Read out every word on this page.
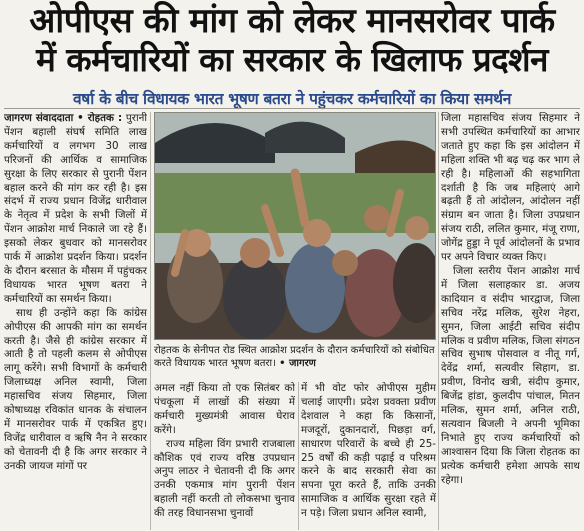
ओपीएस की मांग को लेकर मानसरोवर पार्क
में कर्मचारियों का सरकार के खिलाफ प्रदर्शन
वर्षा के बीच विधायक भारत भूषण बतरा ने पहुंचकर कर्मचारियों का किया समर्थन

जागरण संवाददाता • रोहतक : पुरानी पेंशन बहाली संघर्ष समिति लाख कर्मचारियों व लगभग 30 लाख परिजनों की आर्थिक व सामाजिक सुरक्षा के लिए सरकार से पुरानी पेंशन बहाल करने की मांग कर रही है। इस संदर्भ में राज्य प्रधान विजेंद्र धारीवाल के नेतृत्व में प्रदेश के सभी जिलों में पेंशन आक्रोश मार्च निकाले जा रहे हैं। इसको लेकर बुधवार को मानसरोवर पार्क में आक्रोश प्रदर्शन किया। प्रदर्शन के दौरान बरसात के मौसम में पहुंचकर विधायक भारत भूषण बतरा ने कर्मचारियों का समर्थन किया।

साथ ही उन्होंने कहा कि कांग्रेस ओपीएस की आपकी मांग का समर्थन करती है। जैसे ही कांग्रेस सरकार में आती है तो पहली कलम से ओपीएस लागू करेंगे। सभी विभागों के कर्मचारी जिलाध्यक्ष अनिल स्वामी, जिला महासचिव संजय सिहमार, जिला कोषाध्यक्ष रविकांत धानक के संचालन में मानसरोवर पार्क में एकत्रित हुए। विजेंद्र धारीवाल व ऋषि नैन ने सरकार को चेतावनी दी है कि अगर सरकार ने उनकी जायज मांगों पर

रोहतक के सेनीपत रोड स्थित आक्रोश प्रदर्शन के दौरान कर्मचारियों को संबोधित करते विधायक भारत भूषण बतरा। • जागरण

अमल नहीं किया तो एक सितंबर को पंचकूला में लाखों की संख्या में कर्मचारी मुख्यमंत्री आवास घेराव करेंगे।

राज्य महिला विंग प्रभारी राजबाला कौशिक एवं राज्य वरिष्ठ उपप्रधान अनुप लाठर ने चेतावनी दी कि अगर उनकी एकमात्र मांग पुरानी पेंशन बहाली नहीं करती तो लोकसभा चुनाव की तरह विधानसभा चुनावों

में भी वोट फोर ओपीएस मुहीम चलाई जाएगी। प्रदेश प्रवक्ता प्रवीण देशवाल ने कहा कि किसानों, मजदूरों, दुकानदारों, पिछड़ा वर्ग, साधारण परिवारों के बच्चे ही 25-25 वर्षों की कड़ी पढ़ाई व परिश्रम करने के बाद सरकारी सेवा का सपना पूरा करते हैं, ताकि उनकी सामाजिक व आर्थिक सुरक्षा रहते में न पड़े। जिला प्रधान अनिल स्वामी,

जिला महासचिव संजय सिहमार ने सभी उपस्थित कर्मचारियों का आभार जताते हुए कहा कि इस आंदोलन में महिला शक्ति भी बढ़ चढ़ कर भाग ले रही है। महिलाओं की सहभागिता दर्शाती है कि जब महिलाएं आगे बढ़ती हैं तो आंदोलन, आंदोलन नहीं संग्राम बन जाता है। जिला उपप्रधान संजय राठी, ललित कुमार, मंजू राणा, जोगेंद्र हुड्डा ने पूर्व आंदोलनों के प्रभाव पर अपने विचार व्यक्त किए।

जिला स्तरीय पेंशन आक्रोश मार्च में जिला सलाहकार डा. अजय कादियान व संदीप भारद्वाज, जिला सचिव नरेंद्र मलिक, सुरेश नेहरा, सुमन, जिला आईटी सचिव संदीप मलिक व प्रवीण मलिक, जिला संगठन सचिव सुभाष पोसवाल व नीतू गर्ग, देवेंद्र शर्मा, सत्यवीर सिहाग, डा. प्रवीण, विनोद खत्री, संदीप कुमार, बिजेंद्र हांडा, कुलदीप पांचाल, मितन मलिक, सुमन शर्मा, अनिल राठी, सत्यवान बिजली ने अपनी भूमिका निभाते हुए राज्य कर्मचारियों को आश्वासन दिया कि जिला रोहतक का प्रत्येक कर्मचारी हमेशा आपके साथ रहेगा।
